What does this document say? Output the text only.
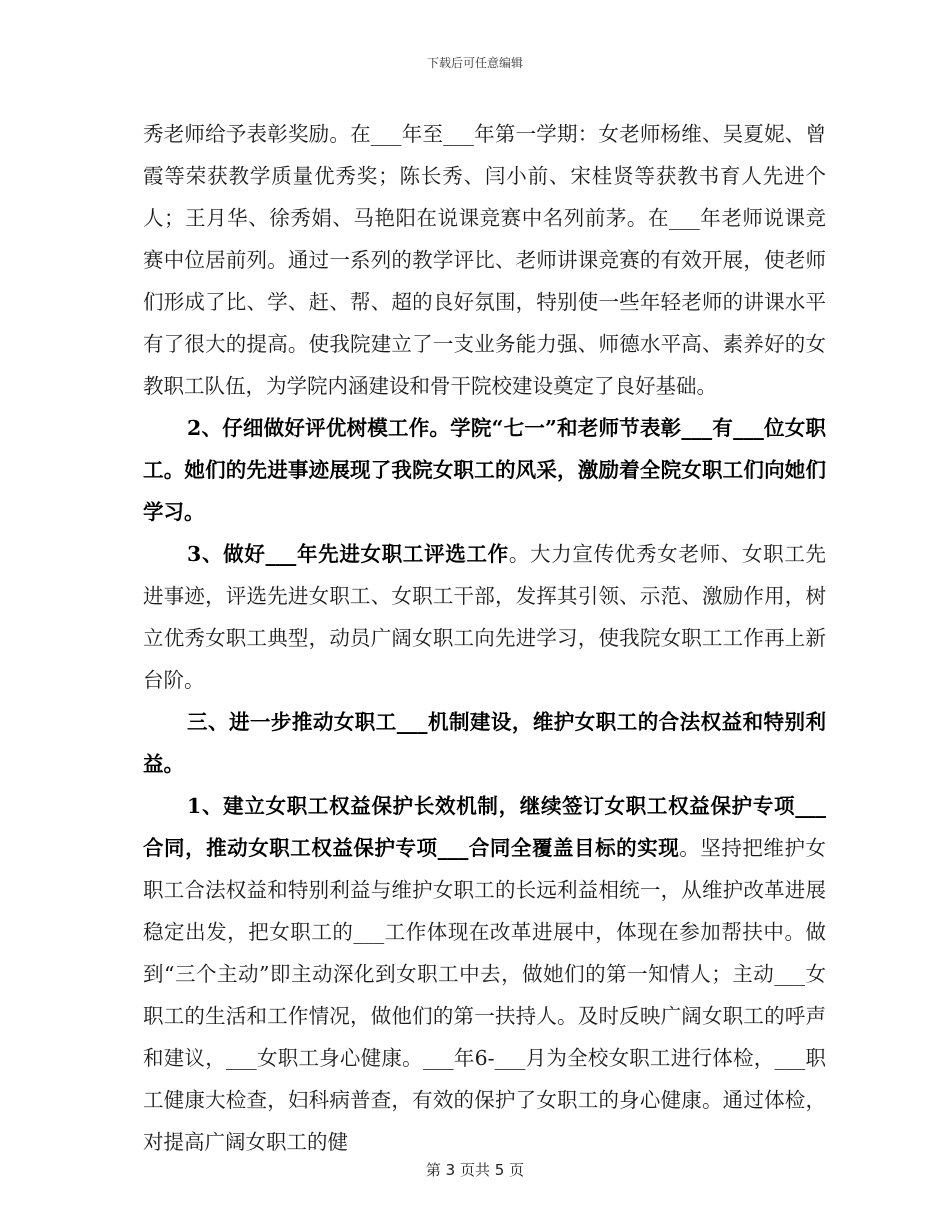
下载后可任意编辑

秀老师给予表彰奖励。在___年至___年第一学期：女老师杨维、吴夏妮、曾霞等荣获教学质量优秀奖；陈长秀、闫小前、宋桂贤等获教书育人先进个人；王月华、徐秀娟、马艳阳在说课竞赛中名列前茅。在___年老师说课竞赛中位居前列。通过一系列的教学评比、老师讲课竞赛的有效开展，使老师们形成了比、学、赶、帮、超的良好氛围，特别使一些年轻老师的讲课水平有了很大的提高。使我院建立了一支业务能力强、师德水平高、素养好的女教职工队伍，为学院内涵建设和骨干院校建设奠定了良好基础。

2、仔细做好评优树模工作。学院“七一”和老师节表彰___有___位女职工。她们的先进事迹展现了我院女职工的风采，激励着全院女职工们向她们学习。

3、做好___年先进女职工评选工作。大力宣传优秀女老师、女职工先进事迹，评选先进女职工、女职工干部，发挥其引领、示范、激励作用，树立优秀女职工典型，动员广阔女职工向先进学习，使我院女职工工作再上新台阶。

三、进一步推动女职工___机制建设，维护女职工的合法权益和特别利益。

1、建立女职工权益保护长效机制，继续签订女职工权益保护专项___合同，推动女职工权益保护专项___合同全覆盖目标的实现。坚持把维护女职工合法权益和特别利益与维护女职工的长远利益相统一，从维护改革进展稳定出发，把女职工的___工作体现在改革进展中，体现在参加帮扶中。做到“三个主动”即主动深化到女职工中去，做她们的第一知情人；主动___女职工的生活和工作情况，做他们的第一扶持人。及时反映广阔女职工的呼声和建议，___女职工身心健康。___年6-___月为全校女职工进行体检，___职工健康大检查，妇科病普查，有效的保护了女职工的身心健康。通过体检，对提高广阔女职工的健

第 3 页共 5 页
